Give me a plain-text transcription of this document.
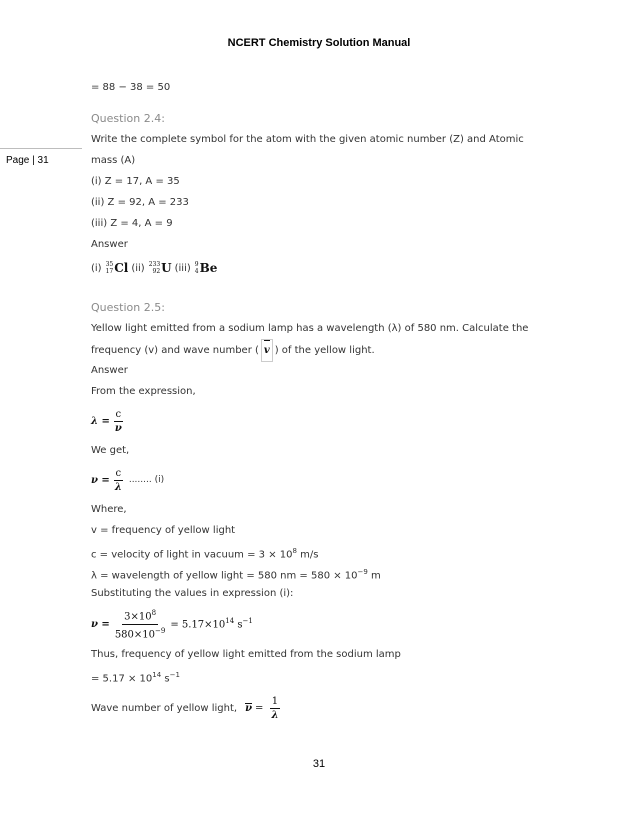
NCERT Chemistry Solution Manual
Page | 31
= 88 − 38 = 50
Question 2.4:
Write the complete symbol for the atom with the given atomic number (Z) and Atomic
mass (A)
(i) Z = 17, A = 35
(ii) Z = 92, A = 233
(iii) Z = 4, A = 9
Answer
(i) 35
17 Cl (ii) 233
92 U (iii) 9
4 Be
Question 2.5:
Yellow light emitted from a sodium lamp has a wavelength (λ) of 580 nm. Calculate the
frequency (v) and wave number ( v ) of the yellow light.
Answer
From the expression,
$\lambda = \frac{c}{\nu}$
We get,
$\nu = \frac{c}{\lambda}$ ........ (i)
Where,
v = frequency of yellow light
c = velocity of light in vacuum = $3 \times 10^8$ m/s
λ = wavelength of yellow light = 580 nm = $580 \times 10^{-9}$ m
Substituting the values in expression (i):
$\nu = \frac{3\times 10^8}{580\times 10^{-9}} = 5.17\times 10^{14}$ $s^{-1}$
Thus, frequency of yellow light emitted from the sodium lamp
= $5.17 \times 10^{14}$ $s^{-1}$
Wave number of yellow light, $\nu = \frac{1}{\lambda}$
31
